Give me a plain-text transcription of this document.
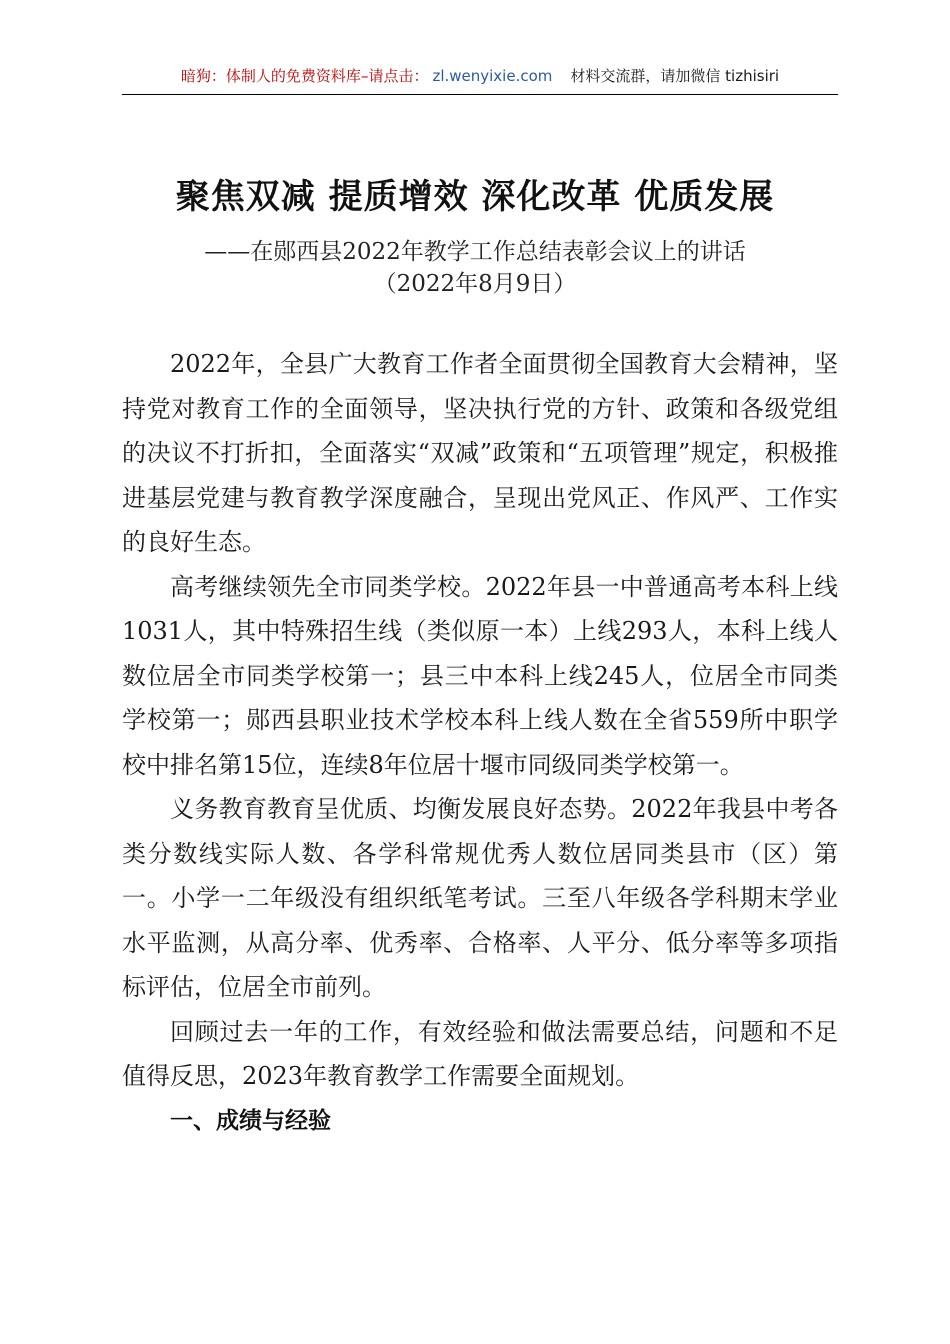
暗狗：体制人的免费资料库–请点击： zl.wenyixie.com 材料交流群，请加微信 tizhisiri
聚焦双减 提质增效 深化改革 优质发展
——在郧西县2022年教学工作总结表彰会议上的讲话
（2022年8月9日）

2022年，全县广大教育工作者全面贯彻全国教育大会精神，坚持党对教育工作的全面领导，坚决执行党的方针、政策和各级党组的决议不打折扣，全面落实“双减”政策和“五项管理”规定，积极推进基层党建与教育教学深度融合，呈现出党风正、作风严、工作实的良好生态。

高考继续领先全市同类学校。2022年县一中普通高考本科上线1031人，其中特殊招生线（类似原一本）上线293人，本科上线人数位居全市同类学校第一；县三中本科上线245人，位居全市同类学校第一；郧西县职业技术学校本科上线人数在全省559所中职学校中排名第15位，连续8年位居十堰市同级同类学校第一。

义务教育教育呈优质、均衡发展良好态势。2022年我县中考各类分数线实际人数、各学科常规优秀人数位居同类县市（区）第一。小学一二年级没有组织纸笔考试。三至八年级各学科期末学业水平监测，从高分率、优秀率、合格率、人平分、低分率等多项指标评估，位居全市前列。

回顾过去一年的工作，有效经验和做法需要总结，问题和不足值得反思，2023年教育教学工作需要全面规划。

一、成绩与经验
